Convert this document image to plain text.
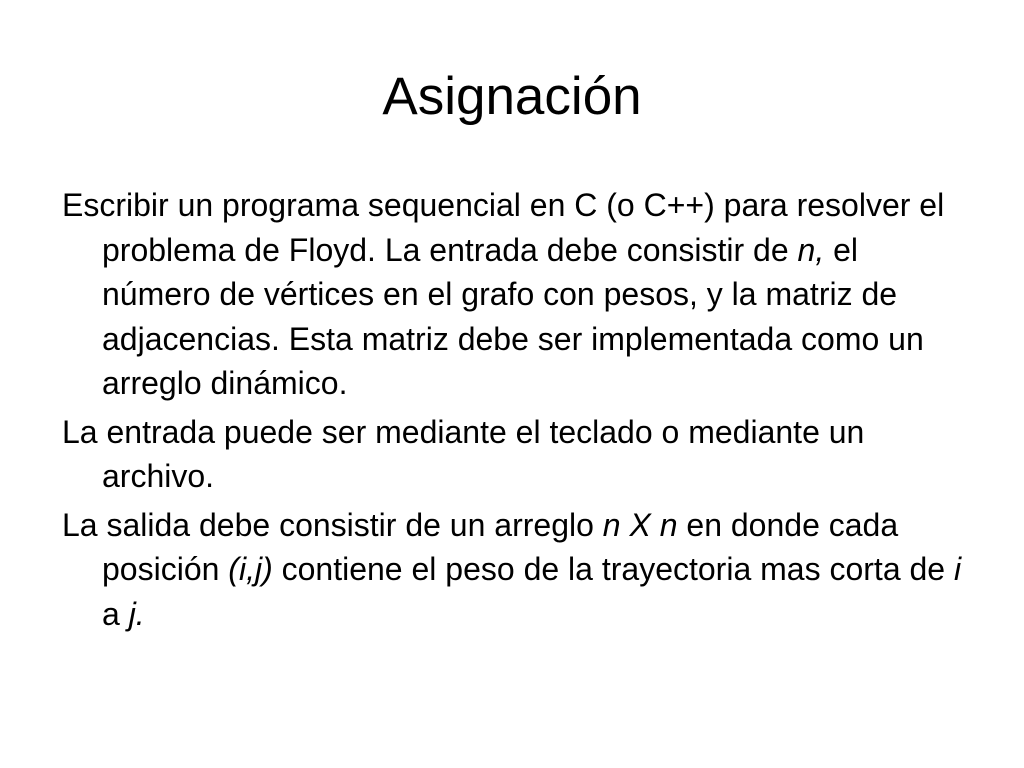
Asignación

Escribir un programa sequencial en C (o C++) para resolver el problema de Floyd. La entrada debe consistir de n, el número de vértices en el grafo con pesos, y la matriz de adjacencias. Esta matriz debe ser implementada como un arreglo dinámico.

La entrada puede ser mediante el teclado o mediante un archivo.

La salida debe consistir de un arreglo n X n en donde cada posición (i,j) contiene el peso de la trayectoria mas corta de i a j.
